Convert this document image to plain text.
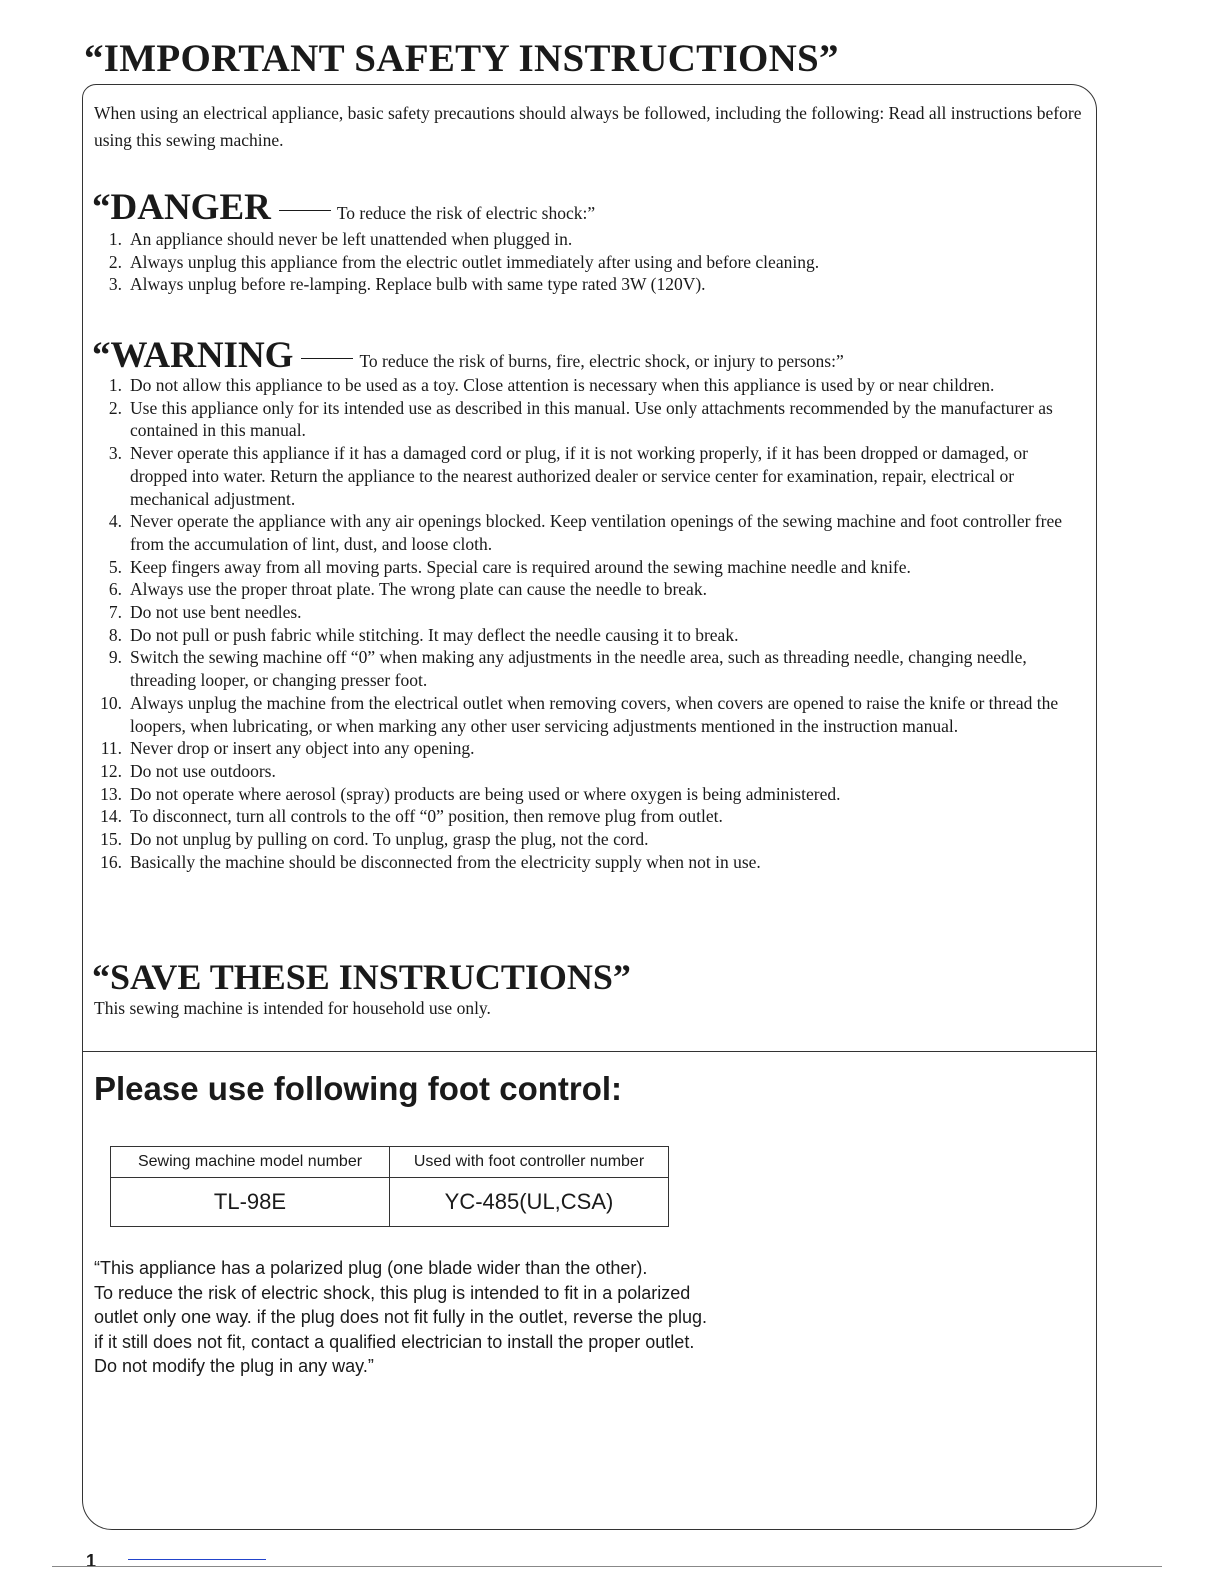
“IMPORTANT SAFETY INSTRUCTIONS”

When using an electrical appliance, basic safety precautions should always be followed, including the following: Read all instructions before using this sewing machine.

“DANGER	To reduce the risk of electric shock:”
1. An appliance should never be left unattended when plugged in.
2. Always unplug this appliance from the electric outlet immediately after using and before cleaning.
3. Always unplug before re-lamping. Replace bulb with same type rated 3W (120V).
“WARNING	To reduce the risk of burns, fire, electric shock, or injury to persons:”
1. Do not allow this appliance to be used as a toy. Close attention is necessary when this appliance is used by or near children.
2. Use this appliance only for its intended use as described in this manual. Use only attachments recommended by the manufacturer as contained in this manual.
3. Never operate this appliance if it has a damaged cord or plug, if it is not working properly, if it has been dropped or damaged, or dropped into water. Return the appliance to the nearest authorized dealer or service center for examination, repair, electrical or mechanical adjustment.
4. Never operate the appliance with any air openings blocked. Keep ventilation openings of the sewing machine and foot controller free from the accumulation of lint, dust, and loose cloth.
5. Keep fingers away from all moving parts. Special care is required around the sewing machine needle and knife.
6. Always use the proper throat plate. The wrong plate can cause the needle to break.
7. Do not use bent needles.
8. Do not pull or push fabric while stitching. It may deflect the needle causing it to break.
9. Switch the sewing machine off “0” when making any adjustments in the needle area, such as threading needle, changing needle, threading looper, or changing presser foot.
10. Always unplug the machine from the electrical outlet when removing covers, when covers are opened to raise the knife or thread the loopers, when lubricating, or when marking any other user servicing adjustments mentioned in the instruction manual.
11. Never drop or insert any object into any opening.
12. Do not use outdoors.
13. Do not operate where aerosol (spray) products are being used or where oxygen is being administered.
14. To disconnect, turn all controls to the off “0” position, then remove plug from outlet.
15. Do not unplug by pulling on cord. To unplug, grasp the plug, not the cord.
16. Basically the machine should be disconnected from the electricity supply when not in use.
“SAVE THESE INSTRUCTIONS”

This sewing machine is intended for household use only.

Please use following foot control:
Sewing machine model number	Used with foot controller number
TL-98E	YC-485(UL,CSA)

“This appliance has a polarized plug (one blade wider than the other).

To reduce the risk of electric shock, this plug is intended to fit in a polarized

outlet only one way. if the plug does not fit fully in the outlet, reverse the plug.

if it still does not fit, contact a qualified electrician to install the proper outlet.

Do not modify the plug in any way.”

1
